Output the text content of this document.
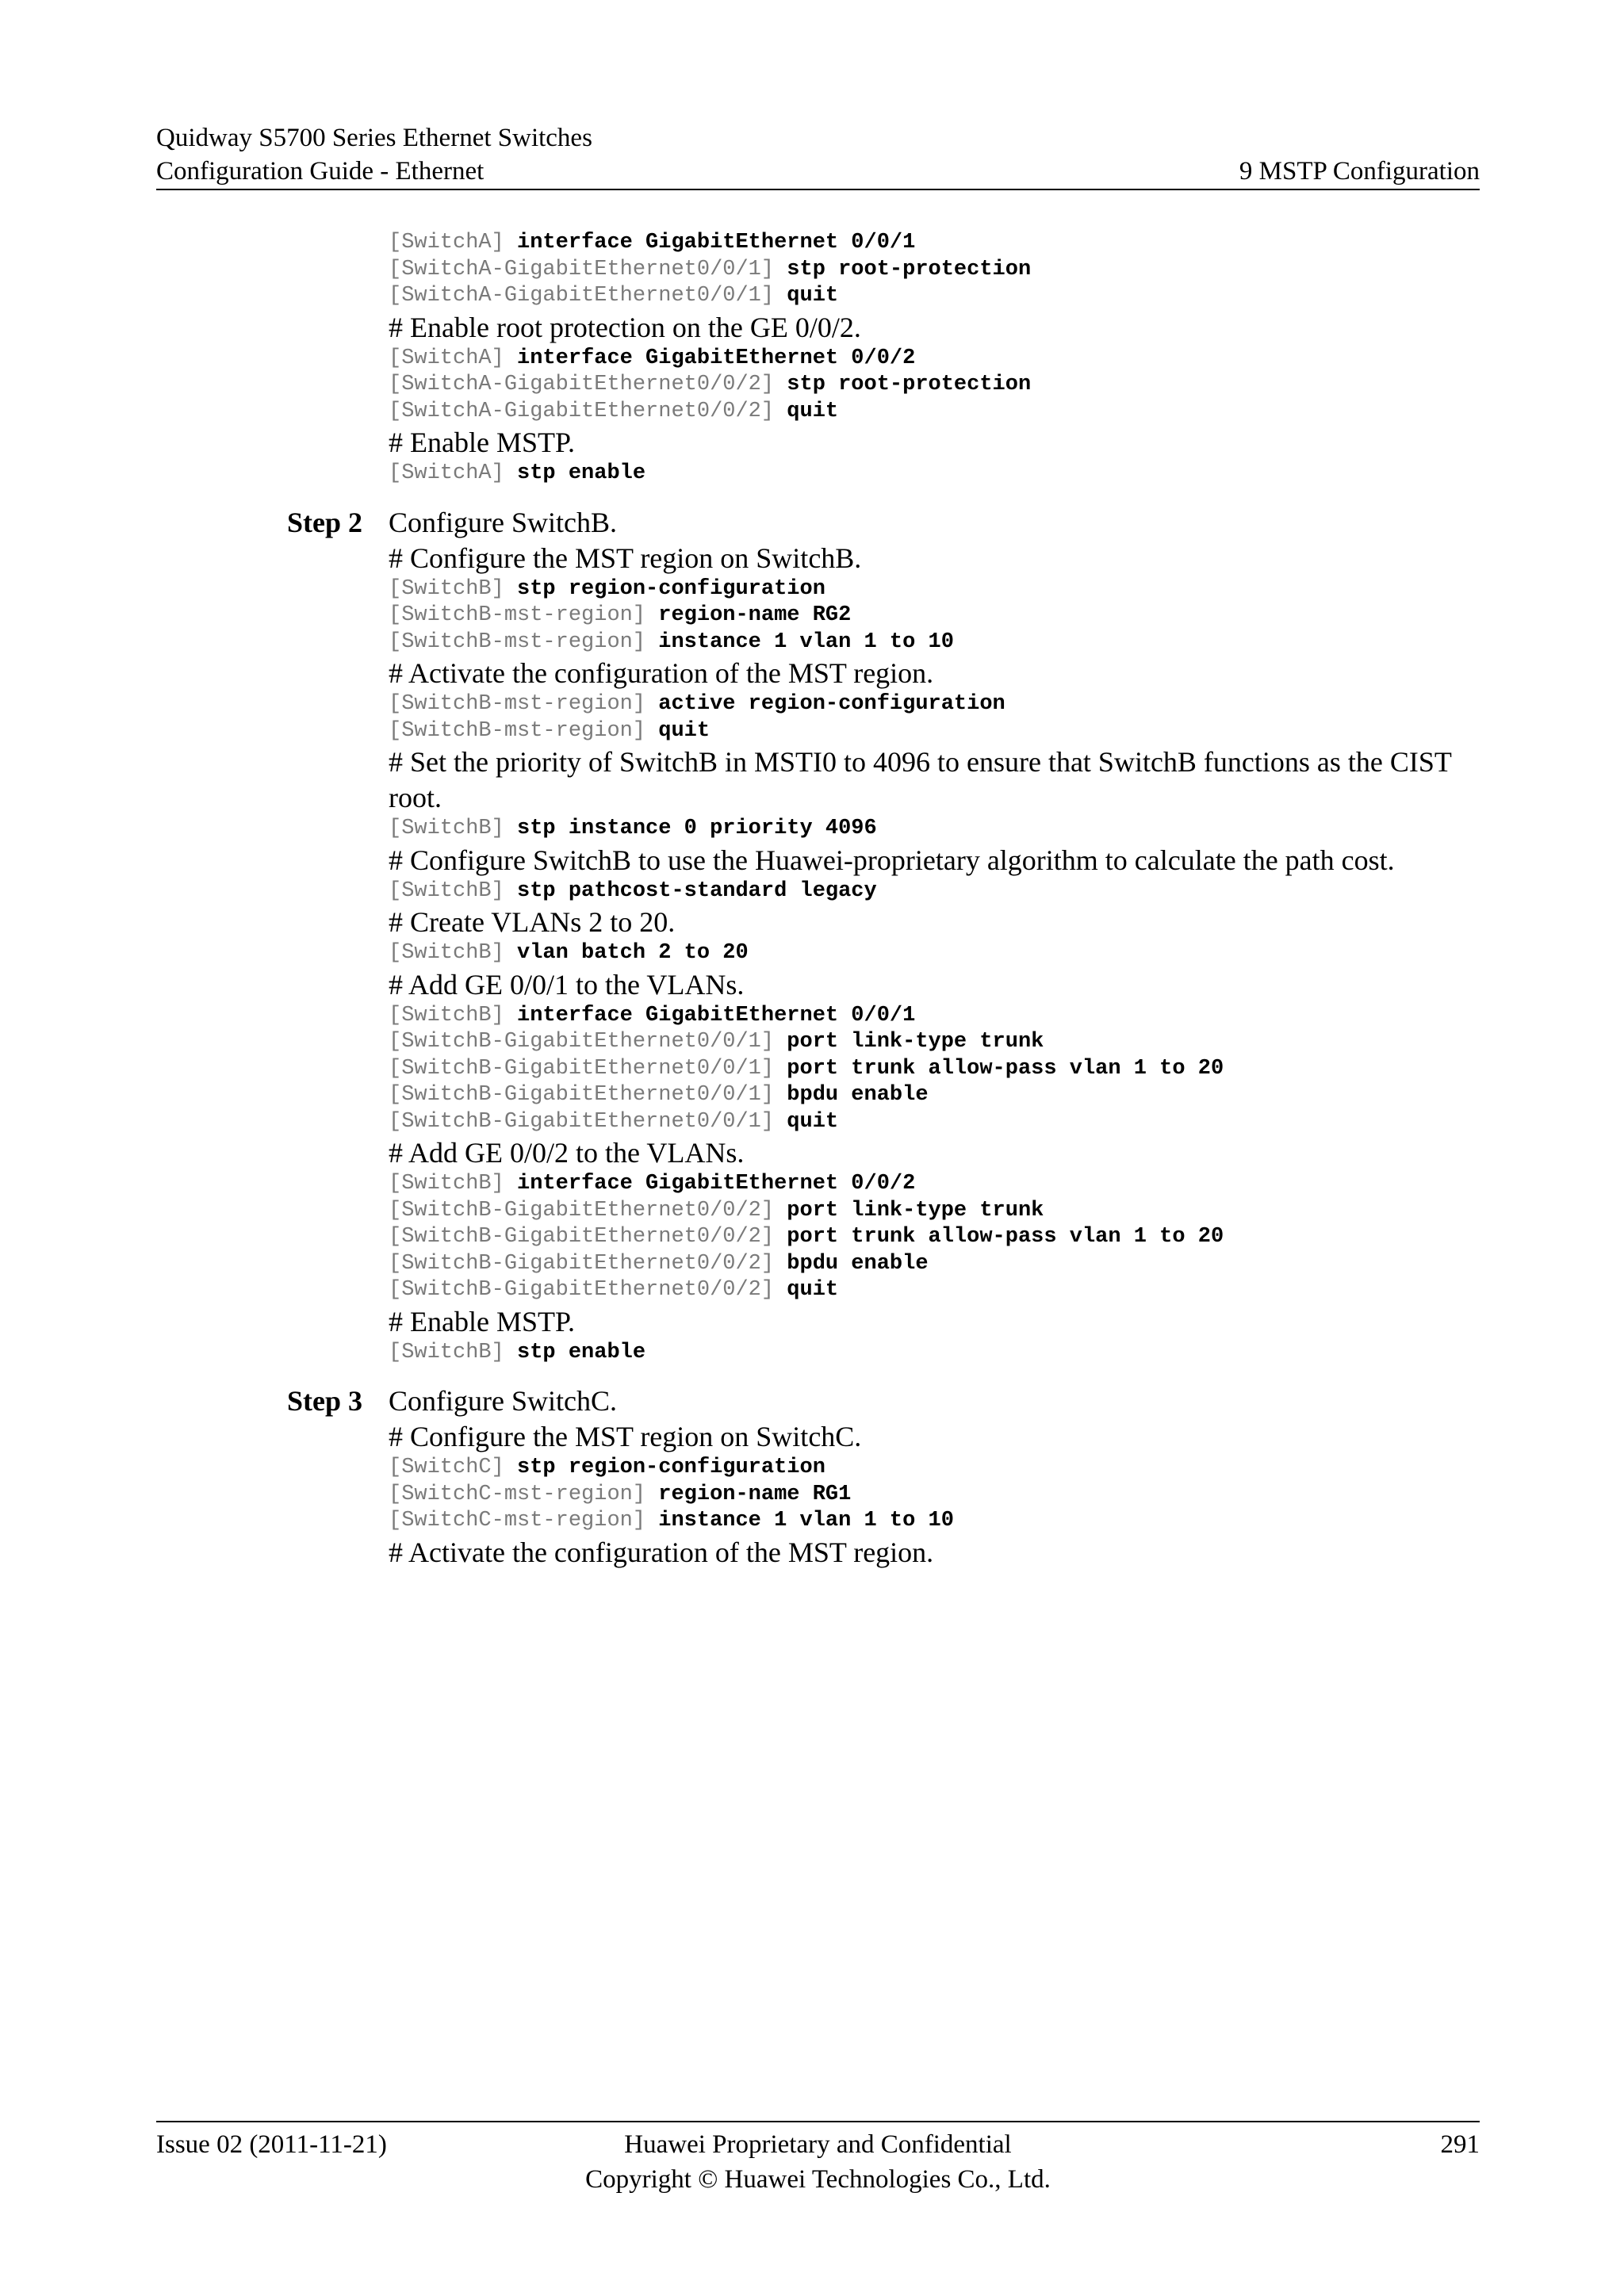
Quidway S5700 Series Ethernet Switches
Configuration Guide - Ethernet	9 MSTP Configuration
[SwitchA] interface GigabitEthernet 0/0/1
[SwitchA-GigabitEthernet0/0/1] stp root-protection
[SwitchA-GigabitEthernet0/0/1] quit

# Enable root protection on the GE 0/0/2.

[SwitchA] interface GigabitEthernet 0/0/2
[SwitchA-GigabitEthernet0/0/2] stp root-protection
[SwitchA-GigabitEthernet0/0/2] quit

# Enable MSTP.

[SwitchA] stp enable
Step 2 Configure SwitchB.

# Configure the MST region on SwitchB.

[SwitchB] stp region-configuration
[SwitchB-mst-region] region-name RG2
[SwitchB-mst-region] instance 1 vlan 1 to 10

# Activate the configuration of the MST region.

[SwitchB-mst-region] active region-configuration
[SwitchB-mst-region] quit

# Set the priority of SwitchB in MSTI0 to 4096 to ensure that SwitchB functions as the CIST root.

[SwitchB] stp instance 0 priority 4096

# Configure SwitchB to use the Huawei-proprietary algorithm to calculate the path cost.

[SwitchB] stp pathcost-standard legacy

# Create VLANs 2 to 20.

[SwitchB] vlan batch 2 to 20

# Add GE 0/0/1 to the VLANs.

[SwitchB] interface GigabitEthernet 0/0/1
[SwitchB-GigabitEthernet0/0/1] port link-type trunk
[SwitchB-GigabitEthernet0/0/1] port trunk allow-pass vlan 1 to 20
[SwitchB-GigabitEthernet0/0/1] bpdu enable
[SwitchB-GigabitEthernet0/0/1] quit

# Add GE 0/0/2 to the VLANs.

[SwitchB] interface GigabitEthernet 0/0/2
[SwitchB-GigabitEthernet0/0/2] port link-type trunk
[SwitchB-GigabitEthernet0/0/2] port trunk allow-pass vlan 1 to 20
[SwitchB-GigabitEthernet0/0/2] bpdu enable
[SwitchB-GigabitEthernet0/0/2] quit

# Enable MSTP.

[SwitchB] stp enable
Step 3 Configure SwitchC.

# Configure the MST region on SwitchC.

[SwitchC] stp region-configuration
[SwitchC-mst-region] region-name RG1
[SwitchC-mst-region] instance 1 vlan 1 to 10

# Activate the configuration of the MST region.

Issue 02 (2011-11-21)	Huawei Proprietary and Confidential
Copyright © Huawei Technologies Co., Ltd.
291
